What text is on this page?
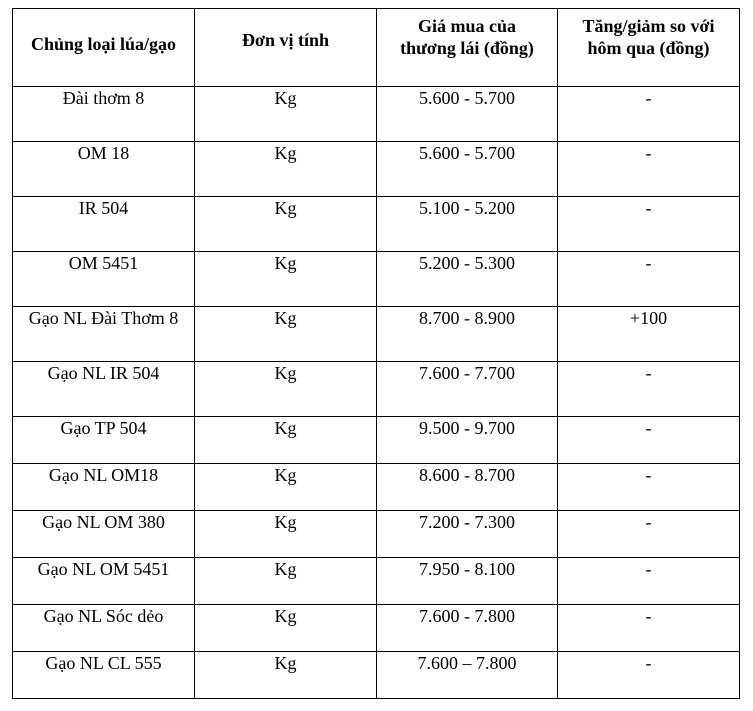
Chủng loại lúa/gạo	Đơn vị tính	Giá mua của thương lái (đồng)	Tăng/giảm so với hôm qua (đồng)

Đài thơm 8	Kg	5.600 - 5.700	-
OM 18	Kg	5.600 - 5.700	-
IR 504	Kg	5.100 - 5.200	-
OM 5451	Kg	5.200 - 5.300	-
Gạo NL Đài Thơm 8	Kg	8.700 - 8.900	+100
Gạo NL IR 504	Kg	7.600 - 7.700	-
Gạo TP 504	Kg	9.500 - 9.700	-
Gạo NL OM18	Kg	8.600 - 8.700	-
Gạo NL OM 380	Kg	7.200 - 7.300	-
Gạo NL OM 5451	Kg	7.950 - 8.100	-
Gạo NL Sóc dẻo	Kg	7.600 - 7.800	-
Gạo NL CL 555	Kg	7.600 – 7.800	-
